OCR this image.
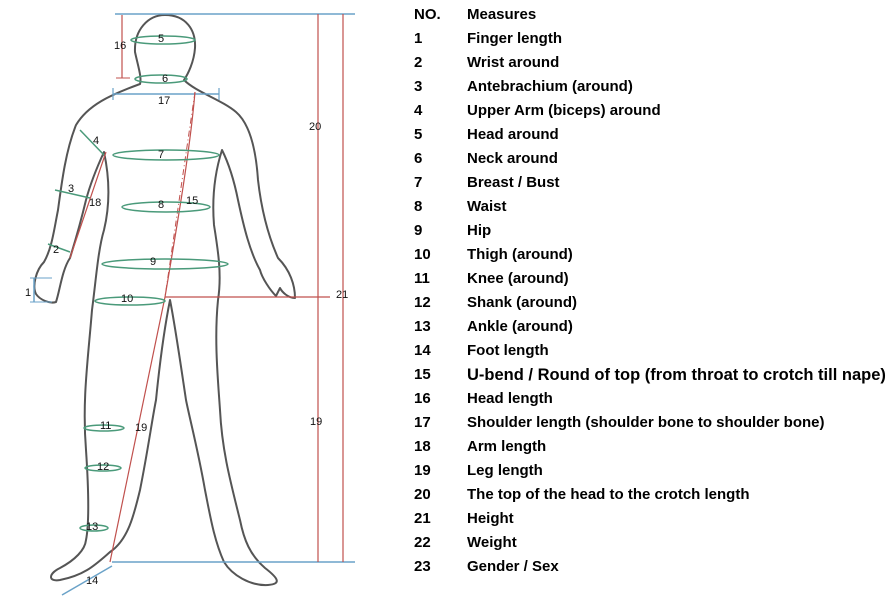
1
2
3
4
5
6
7
8
9
10
11
12
13
14
15
16
17
18
19	19
20
21
NO. Measures
1	Finger length
2	Wrist around
3	Antebrachium (around)
4	Upper Arm (biceps) around
5	Head around
6	Neck around
7	Breast / Bust
8	Waist
9	Hip
10 Thigh (around)
11 Knee (around)
12 Shank (around)
13 Ankle (around)
14 Foot length
15 U-bend / Round of top (from throat to crotch till nape)
16 Head length
17 Shoulder length (shoulder bone to shoulder bone)
18 Arm length
19 Leg length
20 The top of the head to the crotch length
21 Height
22 Weight
23 Gender / Sex
